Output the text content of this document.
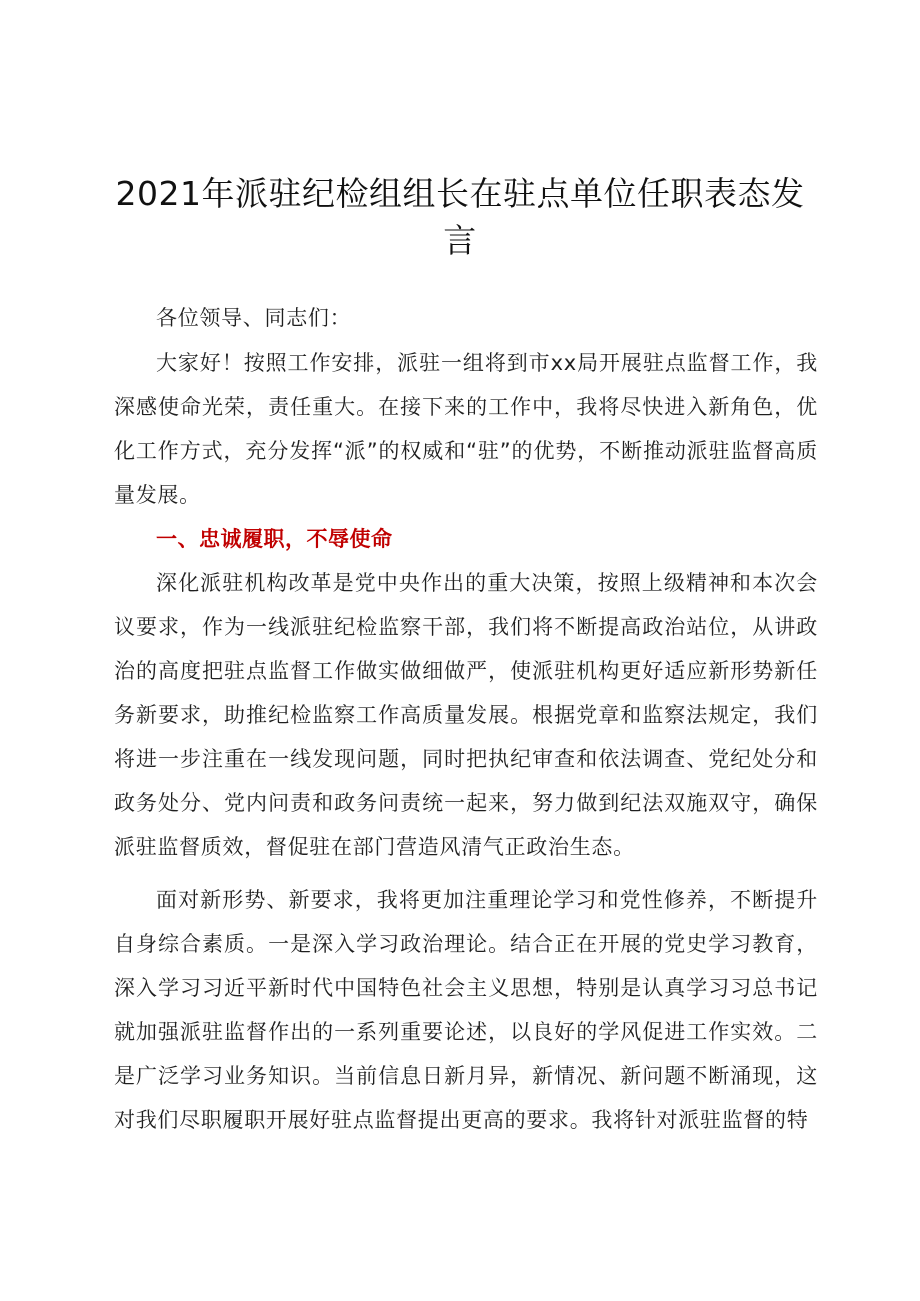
2021年派驻纪检组组长在驻点单位任职表态发言

各位领导、同志们：

大家好！按照工作安排，派驻一组将到市xx局开展驻点监督工作，我深感使命光荣，责任重大。在接下来的工作中，我将尽快进入新角色，优化工作方式，充分发挥“派”的权威和“驻”的优势，不断推动派驻监督高质量发展。

一、忠诚履职，不辱使命

深化派驻机构改革是党中央作出的重大决策，按照上级精神和本次会议要求，作为一线派驻纪检监察干部，我们将不断提高政治站位，从讲政治的高度把驻点监督工作做实做细做严，使派驻机构更好适应新形势新任务新要求，助推纪检监察工作高质量发展。根据党章和监察法规定，我们将进一步注重在一线发现问题，同时把执纪审查和依法调查、党纪处分和政务处分、党内问责和政务问责统一起来，努力做到纪法双施双守，确保派驻监督质效，督促驻在部门营造风清气正政治生态。

面对新形势、新要求，我将更加注重理论学习和党性修养，不断提升自身综合素质。一是深入学习政治理论。结合正在开展的党史学习教育，深入学习习近平新时代中国特色社会主义思想，特别是认真学习习总书记就加强派驻监督作出的一系列重要论述，以良好的学风促进工作实效。二是广泛学习业务知识。当前信息日新月异，新情况、新问题不断涌现，这对我们尽职履职开展好驻点监督提出更高的要求。我将针对派驻监督的特
